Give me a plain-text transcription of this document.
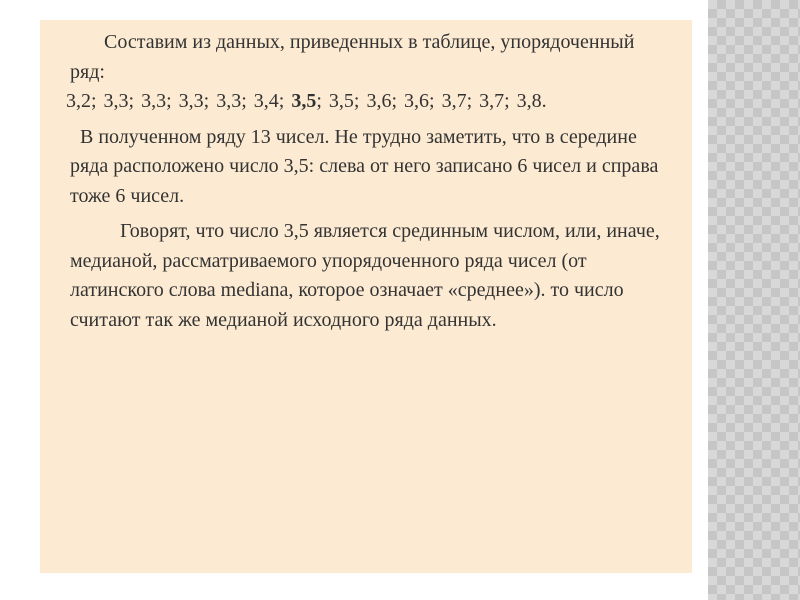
Составим из данных, приведенных в таблице, упорядоченный ряд:

3,2; 3,3; 3,3; 3,3; 3,3; 3,4; 3,5; 3,5; 3,6; 3,6; 3,7; 3,7; 3,8.

В полученном ряду 13 чисел. Не трудно заметить, что в середине ряда расположено число 3,5: слева от него записано 6 чисел и справа тоже 6 чисел.

Говорят, что число 3,5 является срединным числом, или, иначе, медианой, рассматриваемого упорядоченного ряда чисел (от латинского слова mediana, которое означает «среднее»). то число считают так же медианой исходного ряда данных.
